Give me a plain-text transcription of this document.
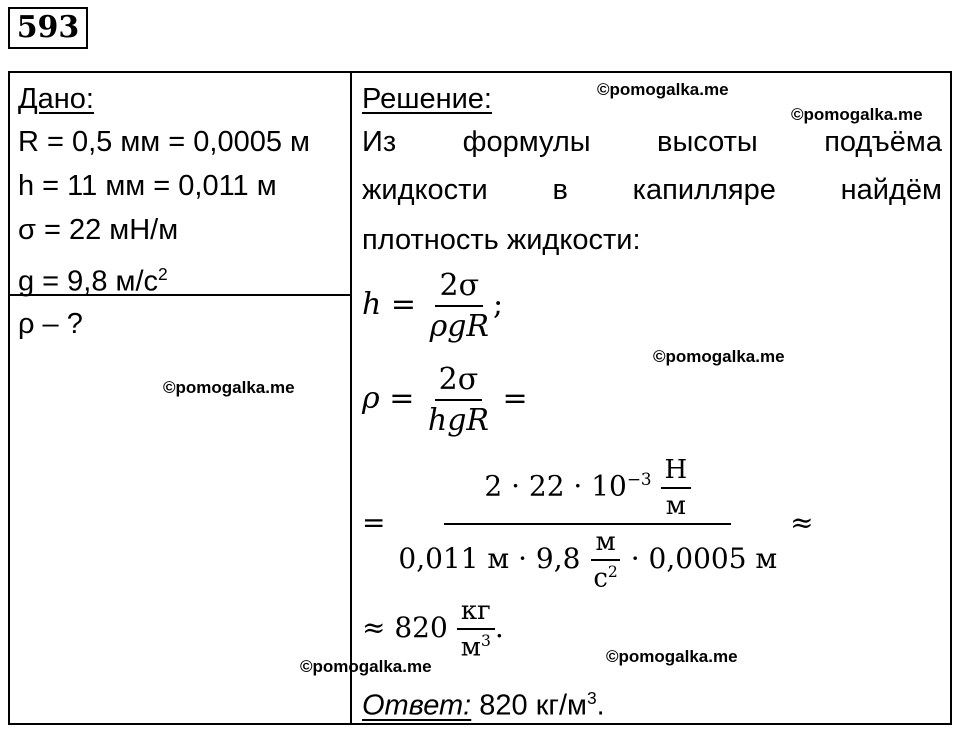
593
Дано:
R = 0,5 мм = 0,0005 м
h = 11 мм = 0,011 м
σ = 22 мН/м
g = 9,8 $м/с^2$
ρ – ?
Решение:
Из формулы высоты подъёма
жидкости в капилляре найдём
плотность жидкости:
$h = \frac{2\sigma}{\text{ρgR}}$ ;
$\rho = \frac{2\sigma}{\text{hgR}}$ =
=
$2 \cdot 22 \cdot 10^{-3} \frac{Н}{м}$
0,011 $м \cdot 9,8 \frac{м}{с^2} \cdot 0,0005$ м
≈
≈ $820 \frac{кг}{м^3}$ .
Ответ: 820 $кг/м^3$.
©pomogalka.me
©pomogalka.me
©pomogalka.me
©pomogalka.me
©pomogalka.me
©pomogalka.me
